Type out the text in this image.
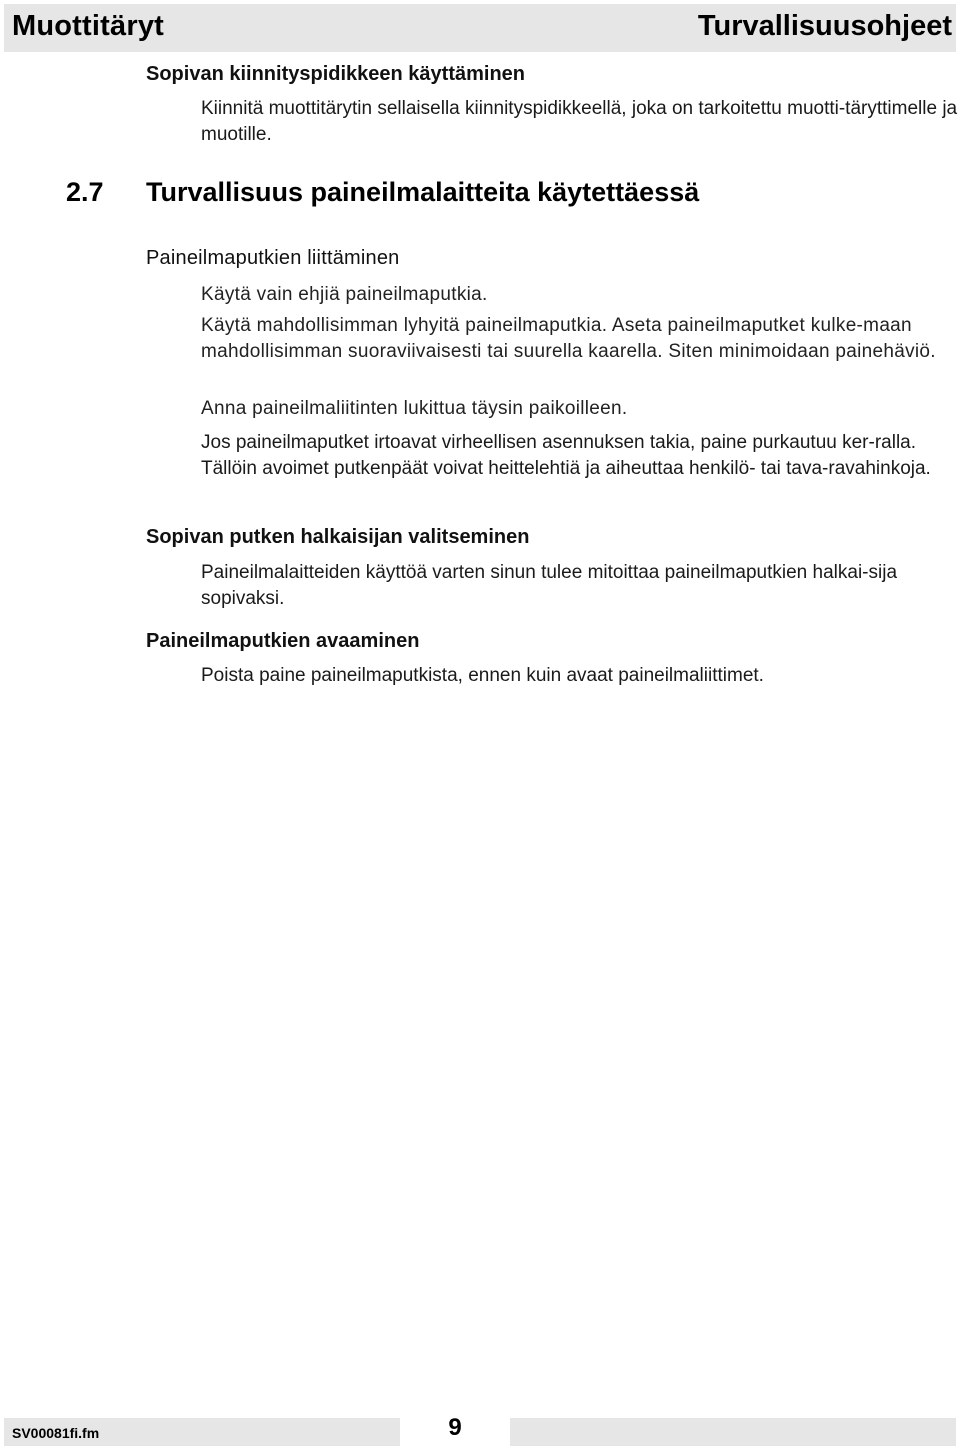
Muottitäryt	Turvallisuusohjeet
Sopivan kiinnityspidikkeen käyttäminen
Kiinnitä muottitärytin sellaisella kiinnityspidikkeellä, joka on tarkoitettu muotti-täryttimelle ja muotille.
2.7 Turvallisuus paineilmalaitteita käytettäessä
Paineilmaputkien liittäminen
Käytä vain ehjiä paineilmaputkia.
Käytä mahdollisimman lyhyitä paineilmaputkia. Aseta paineilmaputket kulke-maan mahdollisimman suoraviivaisesti tai suurella kaarella. Siten minimoidaan painehäviö.
Anna paineilmaliitinten lukittua täysin paikoilleen.
Jos paineilmaputket irtoavat virheellisen asennuksen takia, paine purkautuu ker-ralla. Tällöin avoimet putkenpäät voivat heittelehtiä ja aiheuttaa henkilö- tai tava-ravahinkoja.
Sopivan putken halkaisijan valitseminen
Paineilmalaitteiden käyttöä varten sinun tulee mitoittaa paineilmaputkien halkai-sija sopivaksi.
Paineilmaputkien avaaminen
Poista paine paineilmaputkista, ennen kuin avaat paineilmaliittimet.
SV00081fi.fm	9
